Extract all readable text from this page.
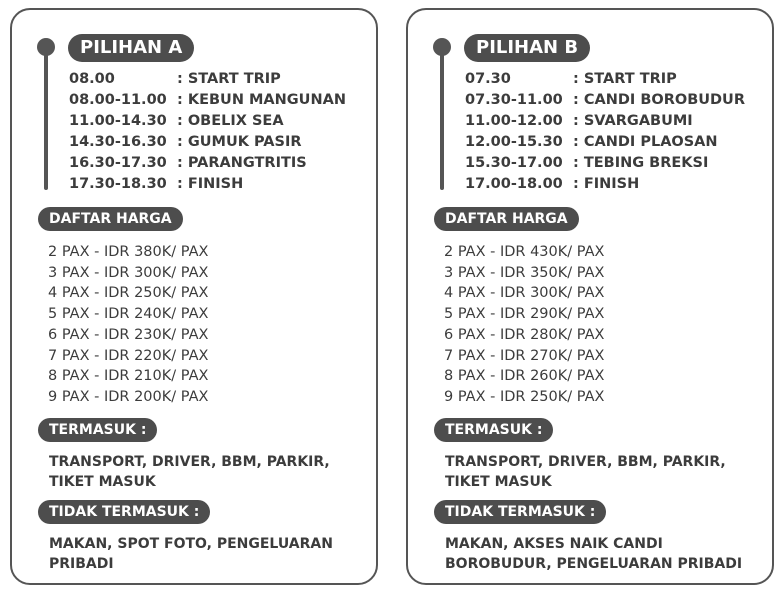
PILIHAN A
08.00	: START TRIP
08.00-11.00 : KEBUN MANGUNAN
11.00-14.30 : OBELIX SEA
14.30-16.30 : GUMUK PASIR
16.30-17.30 : PARANGTRITIS
17.30-18.30 : FINISH
DAFTAR HARGA
2 PAX - IDR 380K/ PAX
3 PAX - IDR 300K/ PAX
4 PAX - IDR 250K/ PAX
5 PAX - IDR 240K/ PAX
6 PAX - IDR 230K/ PAX
7 PAX - IDR 220K/ PAX
8 PAX - IDR 210K/ PAX
9 PAX - IDR 200K/ PAX
TERMASUK :
TRANSPORT, DRIVER, BBM, PARKIR, TIKET MASUK
TIDAK TERMASUK :
MAKAN, SPOT FOTO, PENGELUARAN PRIBADI
PILIHAN B
07.30	: START TRIP
07.30-11.00 : CANDI BOROBUDUR
11.00-12.00 : SVARGABUMI
12.00-15.30 : CANDI PLAOSAN
15.30-17.00 : TEBING BREKSI
17.00-18.00 : FINISH
DAFTAR HARGA
2 PAX - IDR 430K/ PAX
3 PAX - IDR 350K/ PAX
4 PAX - IDR 300K/ PAX
5 PAX - IDR 290K/ PAX
6 PAX - IDR 280K/ PAX
7 PAX - IDR 270K/ PAX
8 PAX - IDR 260K/ PAX
9 PAX - IDR 250K/ PAX
TERMASUK :
TRANSPORT, DRIVER, BBM, PARKIR, TIKET MASUK
TIDAK TERMASUK :
MAKAN, AKSES NAIK CANDI BOROBUDUR, PENGELUARAN PRIBADI
